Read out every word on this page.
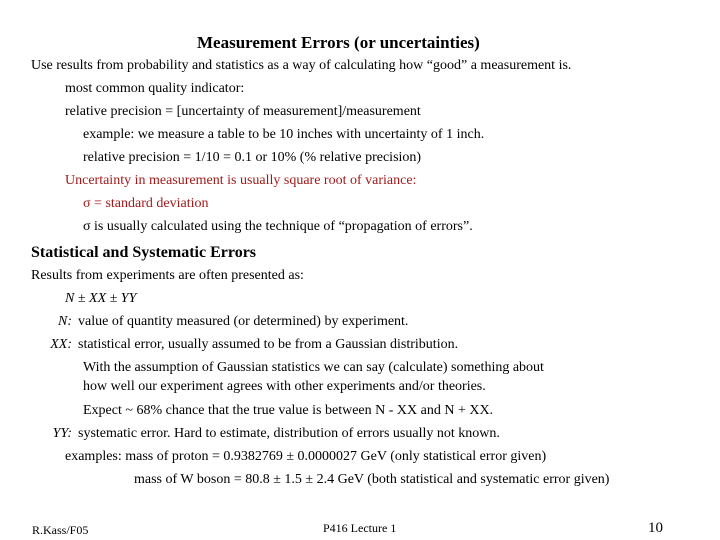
Measurement Errors (or uncertainties)
Use results from probability and statistics as a way of calculating how “good” a measurement is.
most common quality indicator:
relative precision = [uncertainty of measurement]/measurement
example: we measure a table to be 10 inches with uncertainty of 1 inch.
relative precision = 1/10 = 0.1 or 10% (% relative precision)
Uncertainty in measurement is usually square root of variance:
σ = standard deviation
σ is usually calculated using the technique of “propagation of errors”.
Statistical and Systematic Errors
Results from experiments are often presented as:
N ± XX ± YY
N: value of quantity measured (or determined) by experiment.
XX: statistical error, usually assumed to be from a Gaussian distribution.
With the assumption of Gaussian statistics we can say (calculate) something about
how well our experiment agrees with other experiments and/or theories.
Expect ~ 68% chance that the true value is between N - XX and N + XX.
YY: systematic error. Hard to estimate, distribution of errors usually not known.
examples: mass of proton = 0.9382769 ± 0.0000027 GeV (only statistical error given)
mass of W boson = 80.8 ± 1.5 ± 2.4 GeV (both statistical and systematic error given)
R.Kass/F05	P416 Lecture 1	10
